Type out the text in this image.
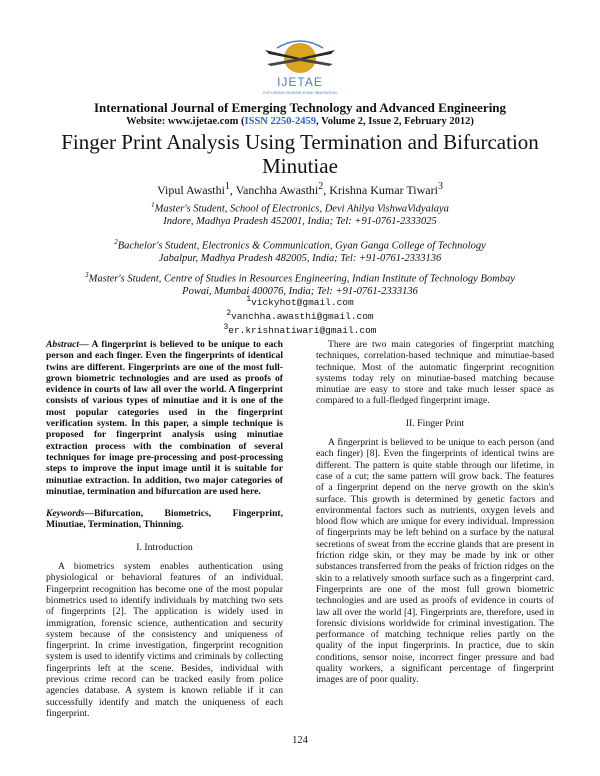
IJETAE
EXPLORING RESEARCH AND INNOVATION
International Journal of Emerging Technology and Advanced Engineering
Website: www.ijetae.com (ISSN 2250-2459, Volume 2, Issue 2, February 2012)
Finger Print Analysis Using Termination and Bifurcation
Minutiae
Vipul Awasthi$^1$, Vanchha Awasthi$^2$, Krishna Kumar Tiwari$^3$
$^1$Master's Student, School of Electronics, Devi Ahilya VishwaVidyalaya
Indore, Madhya Pradesh 452001, India; Tel: +91-0761-2333025
$^2$Bachelor's Student, Electronics & Communication, Gyan Ganga College of Technology
Jabalpur, Madhya Pradesh 482005, India; Tel: +91-0761-2333136
$^3$Master's Student, Centre of Studies in Resources Engineering, Indian Institute of Technology Bombay
Powai, Mumbai 400076, India; Tel: +91-0761-2333136
$^1$vickyhot@gmail.com
$^2$vanchha.awasthi@gmail.com
$^3$er.krishnatiwari@gmail.com

Abstract— A fingerprint is believed to be unique to each person and each finger. Even the fingerprints of identical twins are different. Fingerprints are one of the most full-grown biometric technologies and are used as proofs of evidence in courts of law all over the world. A fingerprint consists of various types of minutiae and it is one of the most popular categories used in the fingerprint verification system. In this paper, a simple technique is proposed for fingerprint analysis using minutiae extraction process with the combination of several techniques for image pre-processing and post-processing steps to improve the input image until it is suitable for minutiae extraction. In addition, two major categories of minutiae, termination and bifurcation are used here.

Keywords—Bifurcation, Biometrics, Fingerprint, Minutiae, Termination, Thinning.

I. Introduction

A biometrics system enables authentication using physiological or behavioral features of an individual. Fingerprint recognition has become one of the most popular biometrics used to identify individuals by matching two sets of fingerprints [2]. The application is widely used in immigration, forensic science, authentication and security system because of the consistency and uniqueness of fingerprint. In crime investigation, fingerprint recognition system is used to identify victims and criminals by collecting fingerprints left at the scene. Besides, individual with previous crime record can be tracked easily from police agencies database. A system is known reliable if it can successfully identify and match the uniqueness of each fingerprint.

There are two main categories of fingerprint matching techniques, correlation-based technique and minutiae-based technique. Most of the automatic fingerprint recognition systems today rely on minutiae-based matching because minutiae are easy to store and take much lesser space as compared to a full-fledged fingerprint image.

II. Finger Print

A fingerprint is believed to be unique to each person (and each finger) [8]. Even the fingerprints of identical twins are different. The pattern is quite stable through our lifetime, in case of a cut; the same pattern will grow back. The features of a fingerprint depend on the nerve growth on the skin's surface. This growth is determined by genetic factors and environmental factors such as nutrients, oxygen levels and blood flow which are unique for every individual. Impression of fingerprints may be left behind on a surface by the natural secretions of sweat from the eccrine glands that are present in friction ridge skin, or they may be made by ink or other substances transferred from the peaks of friction ridges on the skin to a relatively smooth surface such as a fingerprint card. Fingerprints are one of the most full grown biometric technologies and are used as proofs of evidence in courts of law all over the world [4]. Fingerprints are, therefore, used in forensic divisions worldwide for criminal investigation. The performance of matching technique relies partly on the quality of the input fingerprints. In practice, due to skin conditions, sensor noise, incorrect finger pressure and bad quality workers, a significant percentage of fingerprint images are of poor quality.

124
